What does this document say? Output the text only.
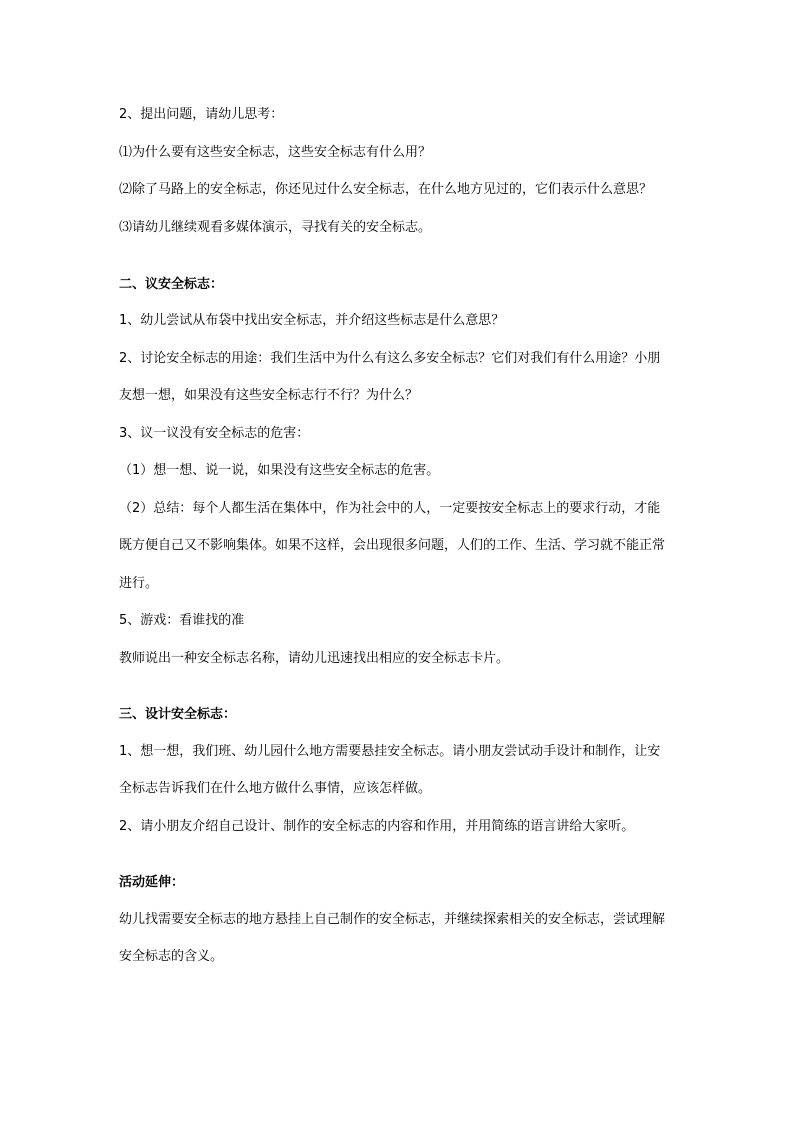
2、提出问题，请幼儿思考：
⑴为什么要有这些安全标志，这些安全标志有什么用？
⑵除了马路上的安全标志，你还见过什么安全标志，在什么地方见过的，它们表示什么意思？
⑶请幼儿继续观看多媒体演示，寻找有关的安全标志。
二、议安全标志：
1、幼儿尝试从布袋中找出安全标志，并介绍这些标志是什么意思？
2、讨论安全标志的用途：我们生活中为什么有这么多安全标志？它们对我们有什么用途？小朋
友想一想，如果没有这些安全标志行不行？为什么？
3、议一议没有安全标志的危害：
（1）想一想、说一说，如果没有这些安全标志的危害。
（2）总结：每个人都生活在集体中，作为社会中的人，一定要按安全标志上的要求行动，才能
既方便自己又不影响集体。如果不这样，会出现很多问题，人们的工作、生活、学习就不能正常
进行。
5、游戏：看谁找的准
教师说出一种安全标志名称，请幼儿迅速找出相应的安全标志卡片。
三、设计安全标志：
1、想一想，我们班、幼儿园什么地方需要悬挂安全标志。请小朋友尝试动手设计和制作，让安
全标志告诉我们在什么地方做什么事情，应该怎样做。
2、请小朋友介绍自己设计、制作的安全标志的内容和作用，并用简练的语言讲给大家听。
活动延伸：
幼儿找需要安全标志的地方悬挂上自己制作的安全标志，并继续探索相关的安全标志，尝试理解
安全标志的含义。
